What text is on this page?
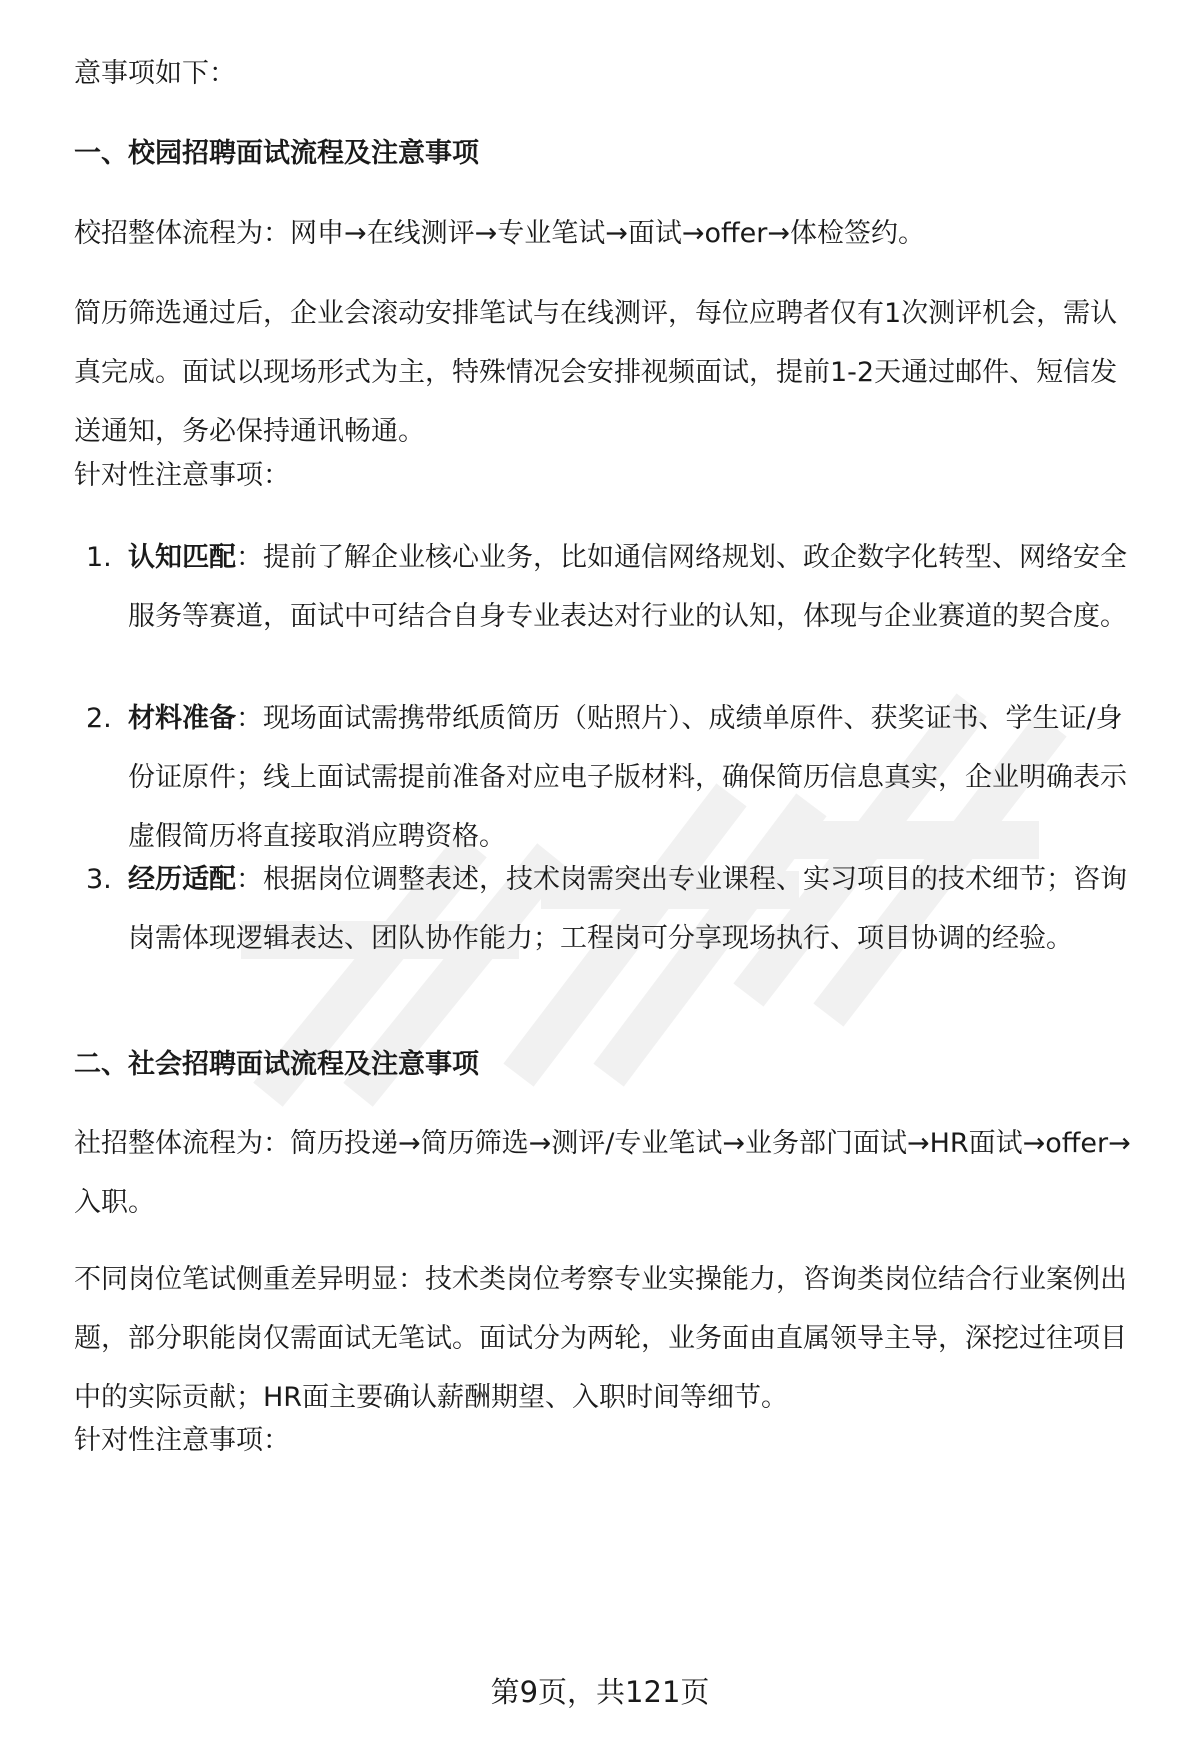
意事项如下：

一、校园招聘面试流程及注意事项

校招整体流程为：网申→在线测评→专业笔试→面试→offer→体检签约。

简历筛选通过后，企业会滚动安排笔试与在线测评，每位应聘者仅有1次测评机会，需认真完成。面试以现场形式为主，特殊情况会安排视频面试，提前1-2天通过邮件、短信发送通知，务必保持通讯畅通。

针对性注意事项：

1. 认知匹配：提前了解企业核心业务，比如通信网络规划、政企数字化转型、网络安全服务等赛道，面试中可结合自身专业表达对行业的认知，体现与企业赛道的契合度。
2. 材料准备：现场面试需携带纸质简历（贴照片）、成绩单原件、获奖证书、学生证/身份证原件；线上面试需提前准备对应电子版材料，确保简历信息真实，企业明确表示虚假简历将直接取消应聘资格。
3. 经历适配：根据岗位调整表述，技术岗需突出专业课程、实习项目的技术细节；咨询岗需体现逻辑表达、团队协作能力；工程岗可分享现场执行、项目协调的经验。
二、社会招聘面试流程及注意事项

社招整体流程为：简历投递→简历筛选→测评/专业笔试→业务部门面试→HR面试→offer→入职。

不同岗位笔试侧重差异明显：技术类岗位考察专业实操能力，咨询类岗位结合行业案例出题，部分职能岗仅需面试无笔试。面试分为两轮，业务面由直属领导主导，深挖过往项目中的实际贡献；HR面主要确认薪酬期望、入职时间等细节。

针对性注意事项：

第9页，共121页
